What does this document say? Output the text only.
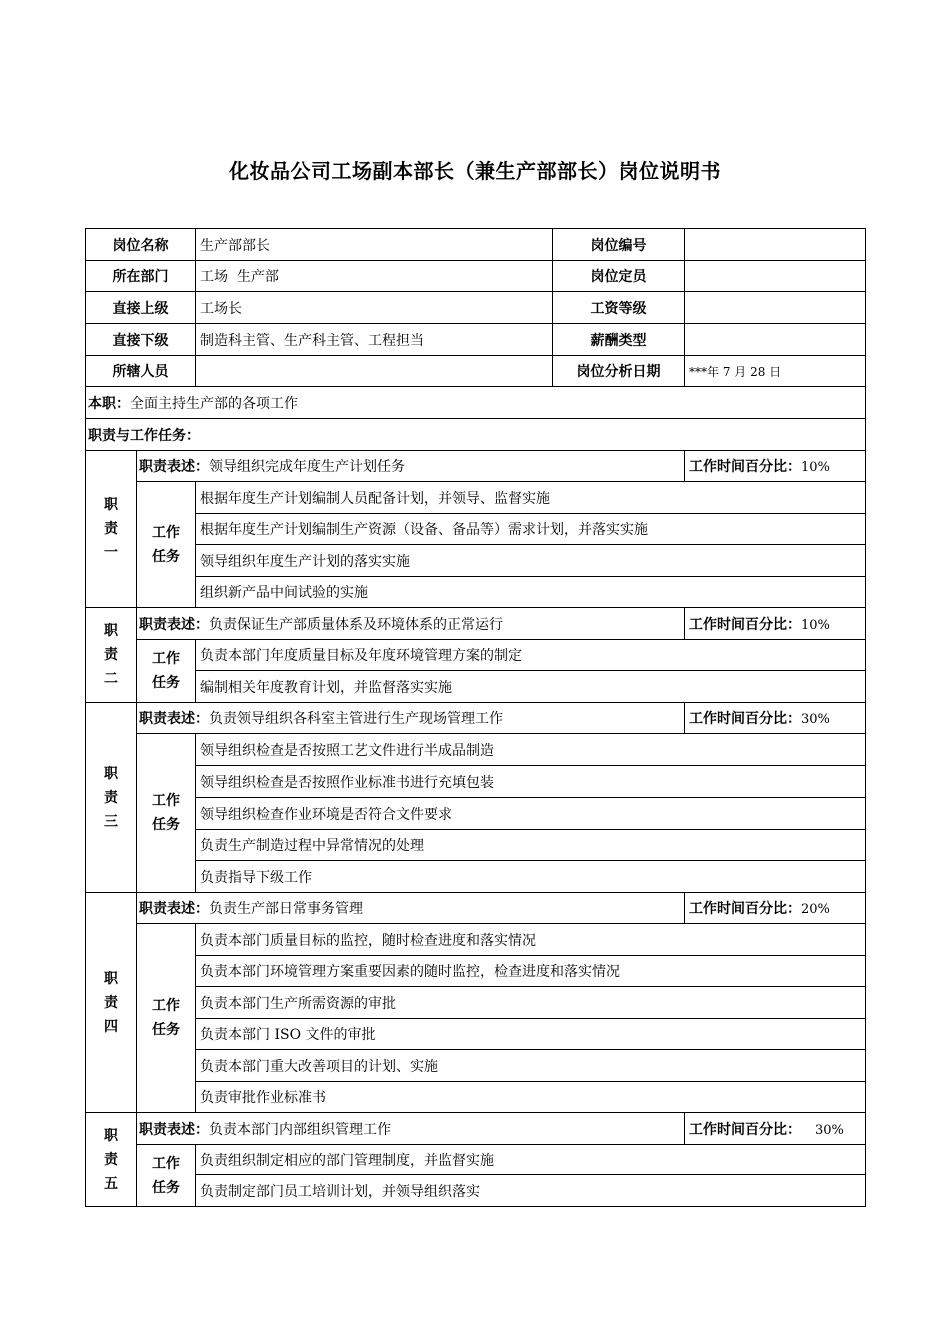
化妆品公司工场副本部长（兼生产部部长）岗位说明书
岗位名称		生产部部长	岗位编号	
所在部门		工场  生产部	岗位定员	
直接上级		工场长	工资等级	
直接下级		制造科主管、生产科主管、工程担当	薪酬类型	
所辖人员			岗位分析日期	***年 7 月 28 日
本职：全面主持生产部的各项工作				
职责与工作任务：				

职
责
一	职责表述：领导组织完成年度生产计划任务			工作时间百分比：10%

	工作
任务	根据年度生产计划编制人员配备计划，并领导、监督实施		
		根据年度生产计划编制生产资源（设备、备品等）需求计划，并落实实施		
		领导组织年度生产计划的落实实施		
		组织新产品中间试验的实施		

职
责
二	职责表述：负责保证生产部质量体系及环境体系的正常运行			工作时间百分比：10%

	工作
任务	负责本部门年度质量目标及年度环境管理方案的制定		
		编制相关年度教育计划，并监督落实实施		

职
责
三	职责表述：负责领导组织各科室主管进行生产现场管理工作			工作时间百分比：30%

	工作
任务	领导组织检查是否按照工艺文件进行半成品制造		
		领导组织检查是否按照作业标准书进行充填包装		
		领导组织检查作业环境是否符合文件要求		
		负责生产制造过程中异常情况的处理		
		负责指导下级工作		

职
责
四	职责表述：负责生产部日常事务管理			工作时间百分比：20%

	工作
任务	负责本部门质量目标的监控，随时检查进度和落实情况		
		负责本部门环境管理方案重要因素的随时监控，检查进度和落实情况		
		负责本部门生产所需资源的审批		
		负责本部门 ISO 文件的审批		
		负责本部门重大改善项目的计划、实施		
		负责审批作业标准书		

职
责
五	职责表述：负责本部门内部组织管理工作			工作时间百分比： 30%

	工作
任务	负责组织制定相应的部门管理制度，并监督实施		
		负责制定部门员工培训计划，并领导组织落实		
